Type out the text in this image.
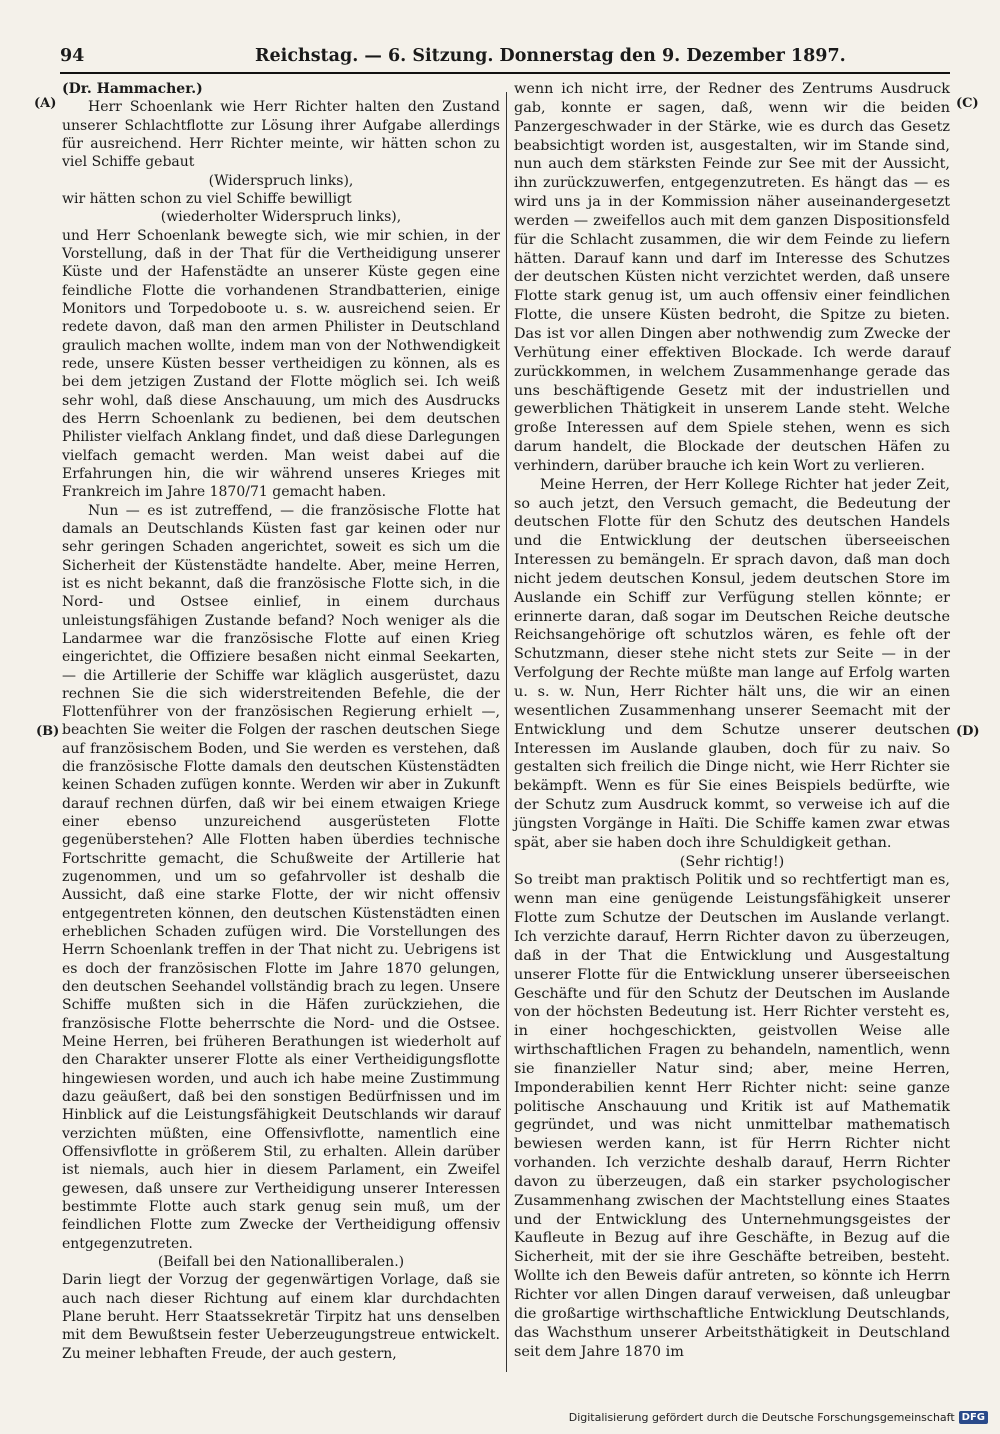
94	Reichstag. — 6. Sitzung. Donnerstag den 9. Dezember 1897.
(A)
(B)
(C)
(D)

(Dr. Hammacher.)

Herr Schoenlank wie Herr Richter halten den Zustand unserer Schlachtflotte zur Lösung ihrer Aufgabe allerdings für ausreichend. Herr Richter meinte, wir hätten schon zu viel Schiffe gebaut

(Widerspruch links),

wir hätten schon zu viel Schiffe bewilligt

(wiederholter Widerspruch links),

und Herr Schoenlank bewegte sich, wie mir schien, in der Vorstellung, daß in der That für die Vertheidigung unserer Küste und der Hafenstädte an unserer Küste gegen eine feindliche Flotte die vorhandenen Strandbatterien, einige Monitors und Torpedoboote u. s. w. ausreichend seien. Er redete davon, daß man den armen Philister in Deutschland graulich machen wollte, indem man von der Nothwendigkeit rede, unsere Küsten besser vertheidigen zu können, als es bei dem jetzigen Zustand der Flotte möglich sei. Ich weiß sehr wohl, daß diese Anschauung, um mich des Ausdrucks des Herrn Schoenlank zu bedienen, bei dem deutschen Philister vielfach Anklang findet, und daß diese Darlegungen vielfach gemacht werden. Man weist dabei auf die Erfahrungen hin, die wir während unseres Krieges mit Frankreich im Jahre 1870/71 gemacht haben.

Nun — es ist zutreffend, — die französische Flotte hat damals an Deutschlands Küsten fast gar keinen oder nur sehr geringen Schaden angerichtet, soweit es sich um die Sicherheit der Küstenstädte handelte. Aber, meine Herren, ist es nicht bekannt, daß die französische Flotte sich, in die Nord- und Ostsee einlief, in einem durchaus unleistungsfähigen Zustande befand? Noch weniger als die Landarmee war die französische Flotte auf einen Krieg eingerichtet, die Offiziere besaßen nicht einmal Seekarten, — die Artillerie der Schiffe war kläglich ausgerüstet, dazu rechnen Sie die sich widerstreitenden Befehle, die der Flottenführer von der französischen Regierung erhielt —, beachten Sie weiter die Folgen der raschen deutschen Siege auf französischem Boden, und Sie werden es verstehen, daß die französische Flotte damals den deutschen Küstenstädten keinen Schaden zufügen konnte. Werden wir aber in Zukunft darauf rechnen dürfen, daß wir bei einem etwaigen Kriege einer ebenso unzureichend ausgerüsteten Flotte gegenüberstehen? Alle Flotten haben überdies technische Fortschritte gemacht, die Schußweite der Artillerie hat zugenommen, und um so gefahrvoller ist deshalb die Aussicht, daß eine starke Flotte, der wir nicht offensiv entgegentreten können, den deutschen Küstenstädten einen erheblichen Schaden zufügen wird. Die Vorstellungen des Herrn Schoenlank treffen in der That nicht zu. Uebrigens ist es doch der französischen Flotte im Jahre 1870 gelungen, den deutschen Seehandel vollständig brach zu legen. Unsere Schiffe mußten sich in die Häfen zurückziehen, die französische Flotte beherrschte die Nord- und die Ostsee. Meine Herren, bei früheren Berathungen ist wiederholt auf den Charakter unserer Flotte als einer Vertheidigungsflotte hingewiesen worden, und auch ich habe meine Zustimmung dazu geäußert, daß bei den sonstigen Bedürfnissen und im Hinblick auf die Leistungsfähigkeit Deutschlands wir darauf verzichten müßten, eine Offensivflotte, namentlich eine Offensivflotte in größerem Stil, zu erhalten. Allein darüber ist niemals, auch hier in diesem Parlament, ein Zweifel gewesen, daß unsere zur Vertheidigung unserer Interessen bestimmte Flotte auch stark genug sein muß, um der feindlichen Flotte zum Zwecke der Vertheidigung offensiv entgegenzutreten.

(Beifall bei den Nationalliberalen.)

Darin liegt der Vorzug der gegenwärtigen Vorlage, daß sie auch nach dieser Richtung auf einem klar durchdachten Plane beruht. Herr Staatssekretär Tirpitz hat uns denselben mit dem Bewußtsein fester Ueberzeugungstreue entwickelt. Zu meiner lebhaften Freude, der auch gestern,

wenn ich nicht irre, der Redner des Zentrums Ausdruck gab, konnte er sagen, daß, wenn wir die beiden Panzergeschwader in der Stärke, wie es durch das Gesetz beabsichtigt worden ist, ausgestalten, wir im Stande sind, nun auch dem stärksten Feinde zur See mit der Aussicht, ihn zurückzuwerfen, entgegenzutreten. Es hängt das — es wird uns ja in der Kommission näher auseinandergesetzt werden — zweifellos auch mit dem ganzen Dispositionsfeld für die Schlacht zusammen, die wir dem Feinde zu liefern hätten. Darauf kann und darf im Interesse des Schutzes der deutschen Küsten nicht verzichtet werden, daß unsere Flotte stark genug ist, um auch offensiv einer feindlichen Flotte, die unsere Küsten bedroht, die Spitze zu bieten. Das ist vor allen Dingen aber nothwendig zum Zwecke der Verhütung einer effektiven Blockade. Ich werde darauf zurückkommen, in welchem Zusammenhange gerade das uns beschäftigende Gesetz mit der industriellen und gewerblichen Thätigkeit in unserem Lande steht. Welche große Interessen auf dem Spiele stehen, wenn es sich darum handelt, die Blockade der deutschen Häfen zu verhindern, darüber brauche ich kein Wort zu verlieren.

Meine Herren, der Herr Kollege Richter hat jeder Zeit, so auch jetzt, den Versuch gemacht, die Bedeutung der deutschen Flotte für den Schutz des deutschen Handels und die Entwicklung der deutschen überseeischen Interessen zu bemängeln. Er sprach davon, daß man doch nicht jedem deutschen Konsul, jedem deutschen Store im Auslande ein Schiff zur Verfügung stellen könnte; er erinnerte daran, daß sogar im Deutschen Reiche deutsche Reichsangehörige oft schutzlos wären, es fehle oft der Schutzmann, dieser stehe nicht stets zur Seite — in der Verfolgung der Rechte müßte man lange auf Erfolg warten u. s. w. Nun, Herr Richter hält uns, die wir an einen wesentlichen Zusammenhang unserer Seemacht mit der Entwicklung und dem Schutze unserer deutschen Interessen im Auslande glauben, doch für zu naiv. So gestalten sich freilich die Dinge nicht, wie Herr Richter sie bekämpft. Wenn es für Sie eines Beispiels bedürfte, wie der Schutz zum Ausdruck kommt, so verweise ich auf die jüngsten Vorgänge in Haïti. Die Schiffe kamen zwar etwas spät, aber sie haben doch ihre Schuldigkeit gethan.

(Sehr richtig!)

So treibt man praktisch Politik und so rechtfertigt man es, wenn man eine genügende Leistungsfähigkeit unserer Flotte zum Schutze der Deutschen im Auslande verlangt. Ich verzichte darauf, Herrn Richter davon zu überzeugen, daß in der That die Entwicklung und Ausgestaltung unserer Flotte für die Entwicklung unserer überseeischen Geschäfte und für den Schutz der Deutschen im Auslande von der höchsten Bedeutung ist. Herr Richter versteht es, in einer hochgeschickten, geistvollen Weise alle wirthschaftlichen Fragen zu behandeln, namentlich, wenn sie finanzieller Natur sind; aber, meine Herren, Imponderabilien kennt Herr Richter nicht: seine ganze politische Anschauung und Kritik ist auf Mathematik gegründet, und was nicht unmittelbar mathematisch bewiesen werden kann, ist für Herrn Richter nicht vorhanden. Ich verzichte deshalb darauf, Herrn Richter davon zu überzeugen, daß ein starker psychologischer Zusammenhang zwischen der Machtstellung eines Staates und der Entwicklung des Unternehmungsgeistes der Kaufleute in Bezug auf ihre Geschäfte, in Bezug auf die Sicherheit, mit der sie ihre Geschäfte betreiben, besteht. Wollte ich den Beweis dafür antreten, so könnte ich Herrn Richter vor allen Dingen darauf verweisen, daß unleugbar die großartige wirthschaftliche Entwicklung Deutschlands, das Wachsthum unserer Arbeitsthätigkeit in Deutschland seit dem Jahre 1870 im

Digitalisierung gefördert durch die Deutsche Forschungsgemeinschaft DFG
